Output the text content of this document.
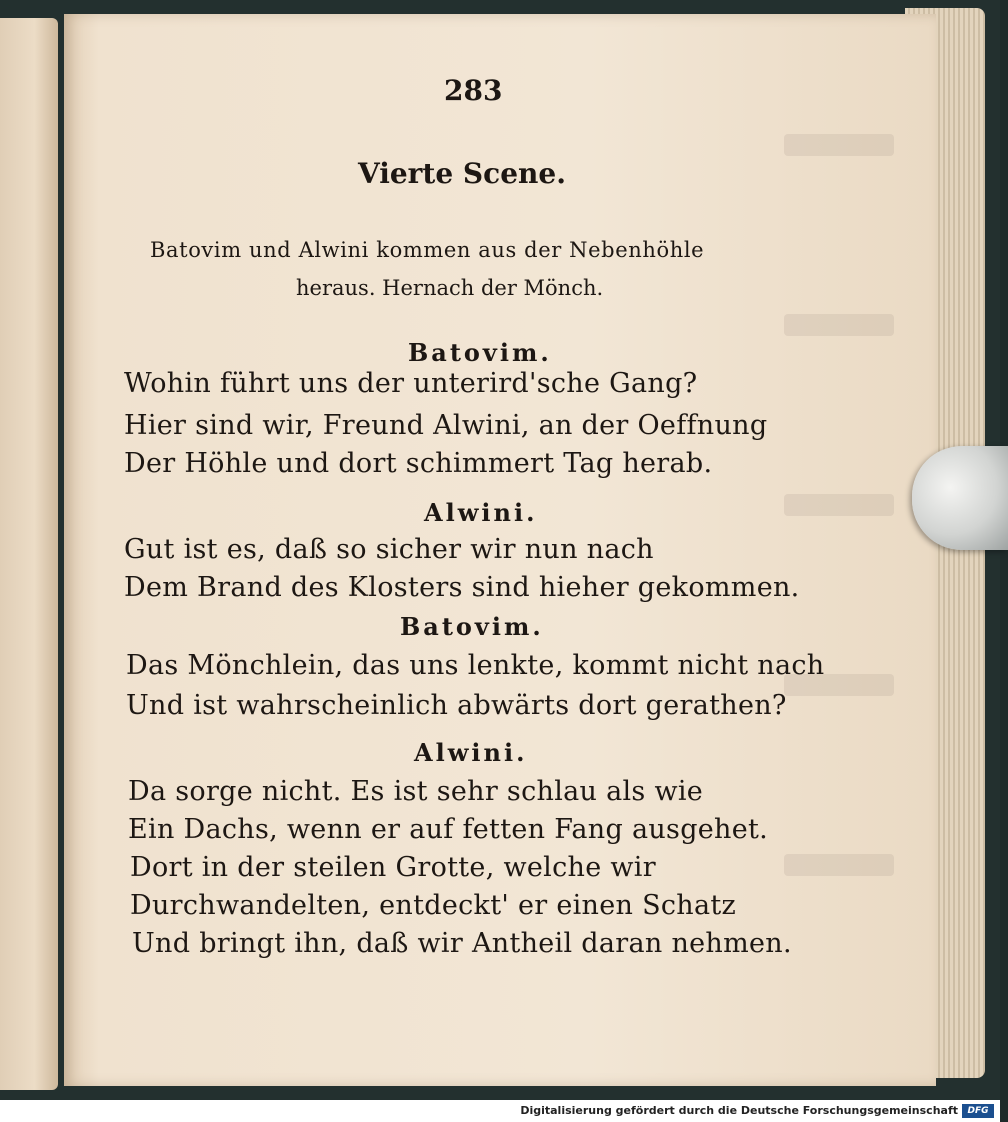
283
Vierte Scene.
Batovim und Alwini kommen aus der Nebenhöhle
heraus. Hernach der Mönch.
Batovim.
Wohin führt uns der unterird'sche Gang?
Hier sind wir, Freund Alwini, an der Oeffnung
Der Höhle und dort schimmert Tag herab.
Alwini.
Gut ist es, daß so sicher wir nun nach
Dem Brand des Klosters sind hieher gekommen.
Batovim.
Das Mönchlein, das uns lenkte, kommt nicht nach
Und ist wahrscheinlich abwärts dort gerathen?
Alwini.
Da sorge nicht. Es ist sehr schlau als wie
Ein Dachs, wenn er auf fetten Fang ausgehet.
Dort in der steilen Grotte, welche wir
Durchwandelten, entdeckt' er einen Schatz
Und bringt ihn, daß wir Antheil daran nehmen.
Digitalisierung gefördert durch die Deutsche Forschungsgemeinschaft	DFG
